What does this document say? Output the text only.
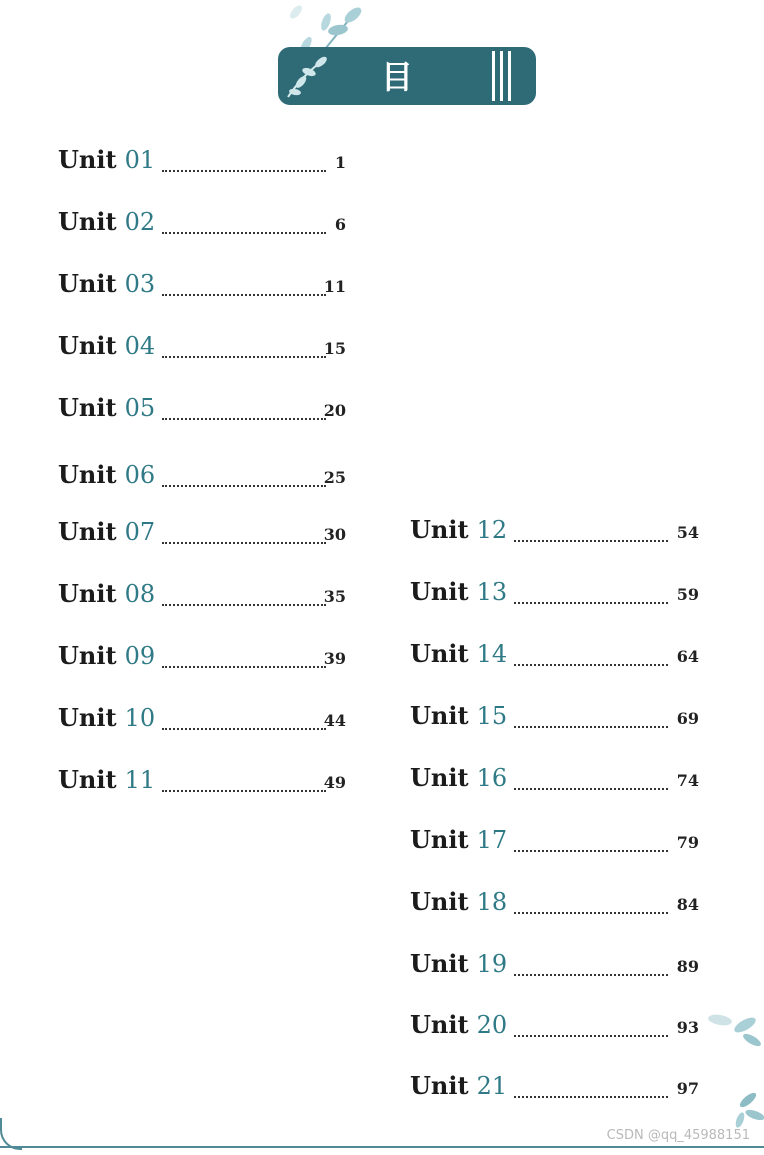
目 录
Unit 01	1
Unit 02	6
Unit 03	11
Unit 04	15
Unit 05	20
Unit 06	25
Unit 07	30
Unit 08	35
Unit 09	39
Unit 10	44
Unit 11	49
Unit 12	54
Unit 13	59
Unit 14	64
Unit 15	69
Unit 16	74
Unit 17	79
Unit 18	84
Unit 19	89
Unit 20	93
Unit 21	97
CSDN @qq_45988151
